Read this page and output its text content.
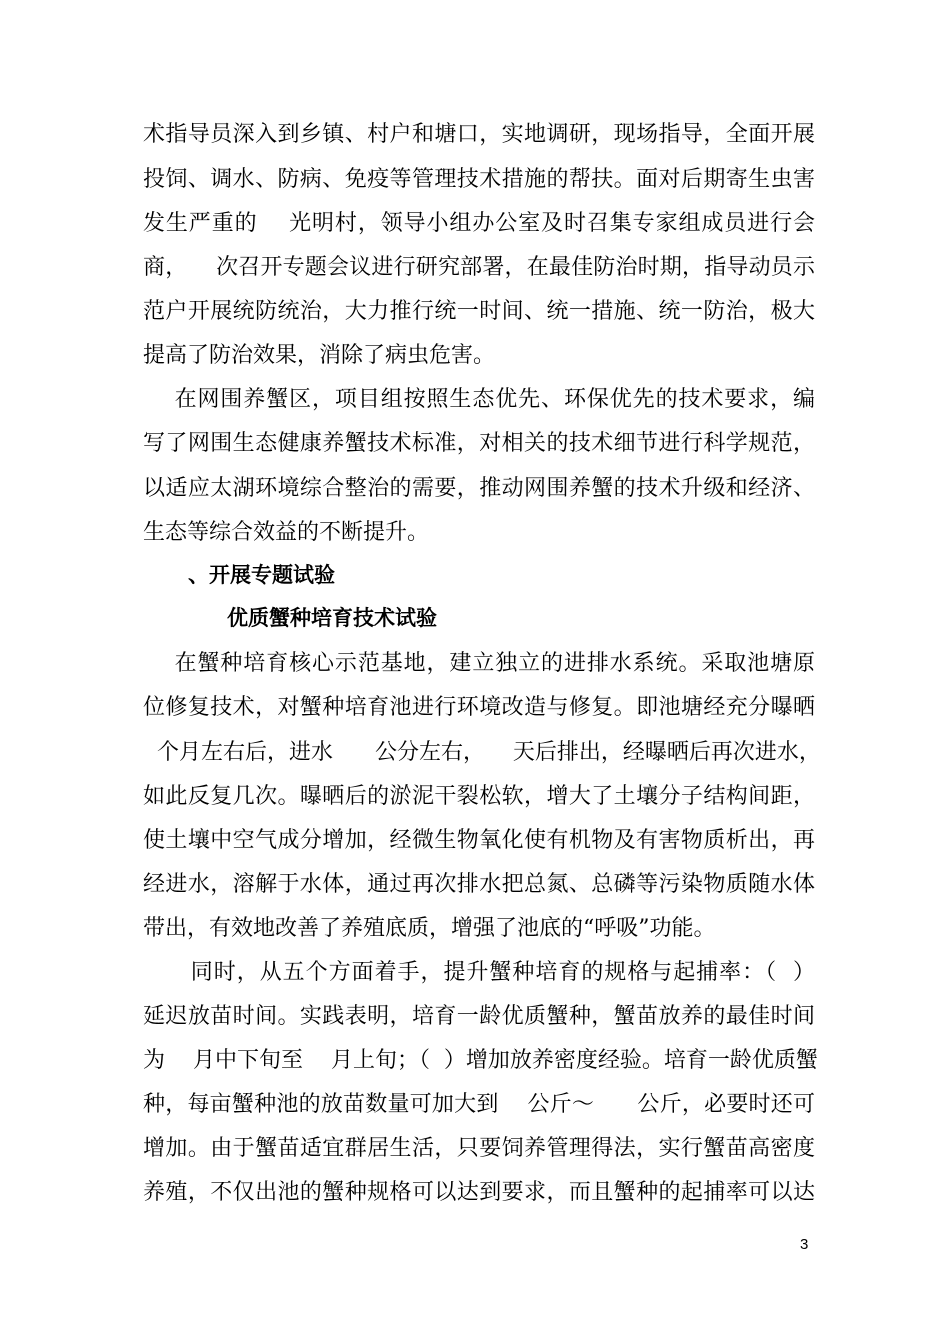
术指导员深入到乡镇、村户和塘口，实地调研，现场指导，全面开展
投饲、调水、防病、免疫等管理技术措施的帮扶。面对后期寄生虫害
发生严重的    光明村，领导小组办公室及时召集专家组成员进行会
商，    次召开专题会议进行研究部署，在最佳防治时期，指导动员示
范户开展统防统治，大力推行统一时间、统一措施、统一防治，极大
提高了防治效果，消除了病虫危害。
在网围养蟹区，项目组按照生态优先、环保优先的技术要求，编
写了网围生态健康养蟹技术标准，对相关的技术细节进行科学规范，
以适应太湖环境综合整治的需要，推动网围养蟹的技术升级和经济、
生态等综合效益的不断提升。
、开展专题试验
优质蟹种培育技术试验
在蟹种培育核心示范基地，建立独立的进排水系统。采取池塘原
位修复技术，对蟹种培育池进行环境改造与修复。即池塘经充分曝晒
个月左右后，进水      公分左右，    天后排出，经曝晒后再次进水，
如此反复几次。曝晒后的淤泥干裂松软，增大了土壤分子结构间距，
使土壤中空气成分增加，经微生物氧化使有机物及有害物质析出，再
经进水，溶解于水体，通过再次排水把总氮、总磷等污染物质随水体
带出，有效地改善了养殖底质，增强了池底的“呼吸”功能。
同时，从五个方面着手，提升蟹种培育的规格与起捕率：（  ）
延迟放苗时间。实践表明，培育一龄优质蟹种，蟹苗放养的最佳时间
为    月中下旬至    月上旬；（  ）增加放养密度经验。培育一龄优质蟹
种，每亩蟹种池的放苗数量可加大到    公斤～      公斤，必要时还可
增加。由于蟹苗适宜群居生活，只要饲养管理得法，实行蟹苗高密度
养殖，不仅出池的蟹种规格可以达到要求，而且蟹种的起捕率可以达
3
